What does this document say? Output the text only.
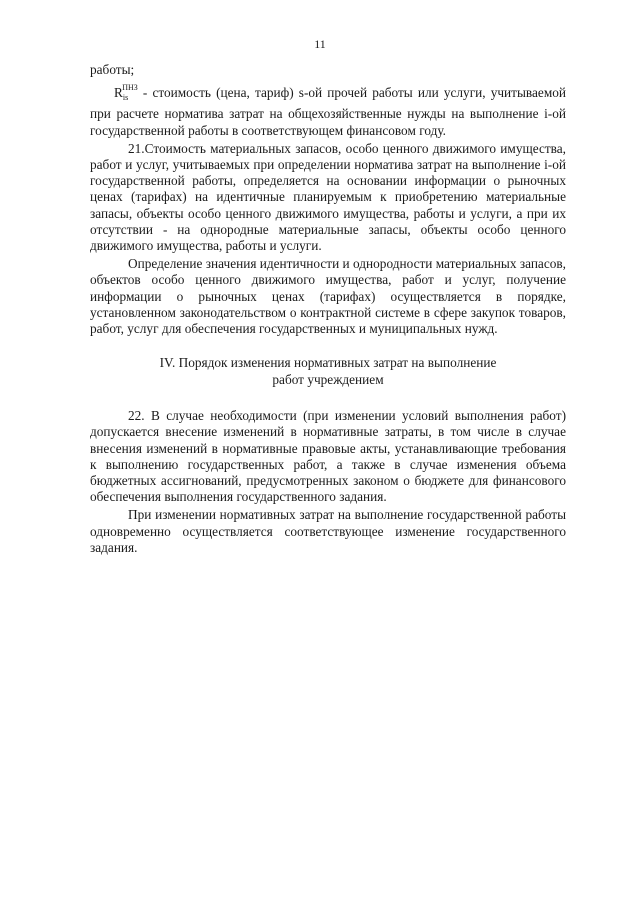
11

работы;

$R_{is}^{ПНЗ}$ - стоимость (цена, тариф) s-ой прочей работы или услуги, учитываемой при расчете норматива затрат на общехозяйственные нужды на выполнение i-ой государственной работы в соответствующем финансовом году.

21.Стоимость материальных запасов, особо ценного движимого имущества, работ и услуг, учитываемых при определении норматива затрат на выполнение i-ой государственной работы, определяется на основании информации о рыночных ценах (тарифах) на идентичные планируемым к приобретению материальные запасы, объекты особо ценного движимого имущества, работы и услуги, а при их отсутствии - на однородные материальные запасы, объекты особо ценного движимого имущества, работы и услуги.

Определение значения идентичности и однородности материальных запасов, объектов особо ценного движимого имущества, работ и услуг, получение информации о рыночных ценах (тарифах) осуществляется в порядке, установленном законодательством о контрактной системе в сфере закупок товаров, работ, услуг для обеспечения государственных и муниципальных нужд.

IV. Порядок изменения нормативных затрат на выполнение
работ учреждением

22. В случае необходимости (при изменении условий выполнения работ) допускается внесение изменений в нормативные затраты, в том числе в случае внесения изменений в нормативные правовые акты, устанавливающие требования к выполнению государственных работ, а также в случае изменения объема бюджетных ассигнований, предусмотренных законом о бюджете для финансового обеспечения выполнения государственного задания.

При изменении нормативных затрат на выполнение государственной работы одновременно осуществляется соответствующее изменение государственного задания.
